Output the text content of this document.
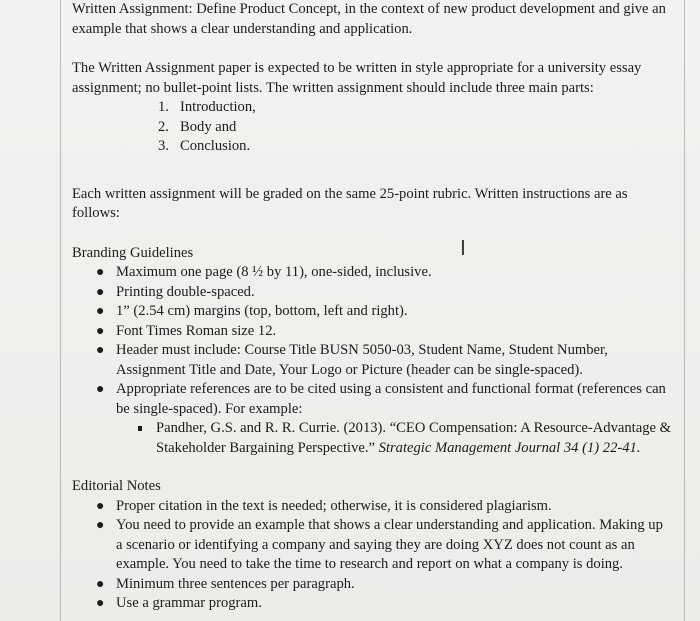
Written Assignment: Define Product Concept, in the context of new product development and give an example that shows a clear understanding and application.

The Written Assignment paper is expected to be written in style appropriate for a university essay assignment; no bullet-point lists. The written assignment should include three main parts:

1. Introduction,
2. Body and
3. Conclusion.

Each written assignment will be graded on the same 25-point rubric. Written instructions are as follows:

Branding Guidelines

● Maximum one page (8 ½ by 11), one-sided, inclusive.
● Printing double-spaced.
● 1” (2.54 cm) margins (top, bottom, left and right).
● Font Times Roman size 12.
● Header must include: Course Title BUSN 5050-03, Student Name, Student Number, Assignment Title and Date, Your Logo or Picture (header can be single-spaced).
● Appropriate references are to be cited using a consistent and functional format (references can be single-spaced). For example:
Pandher, G.S. and R. R. Currie. (2013). “CEO Compensation: A Resource-Advantage & Stakeholder Bargaining Perspective.” Strategic Management Journal 34 (1) 22-41.

Editorial Notes

● Proper citation in the text is needed; otherwise, it is considered plagiarism.
● You need to provide an example that shows a clear understanding and application. Making up a scenario or identifying a company and saying they are doing XYZ does not count as an example. You need to take the time to research and report on what a company is doing.
● Minimum three sentences per paragraph.
● Use a grammar program.
I
